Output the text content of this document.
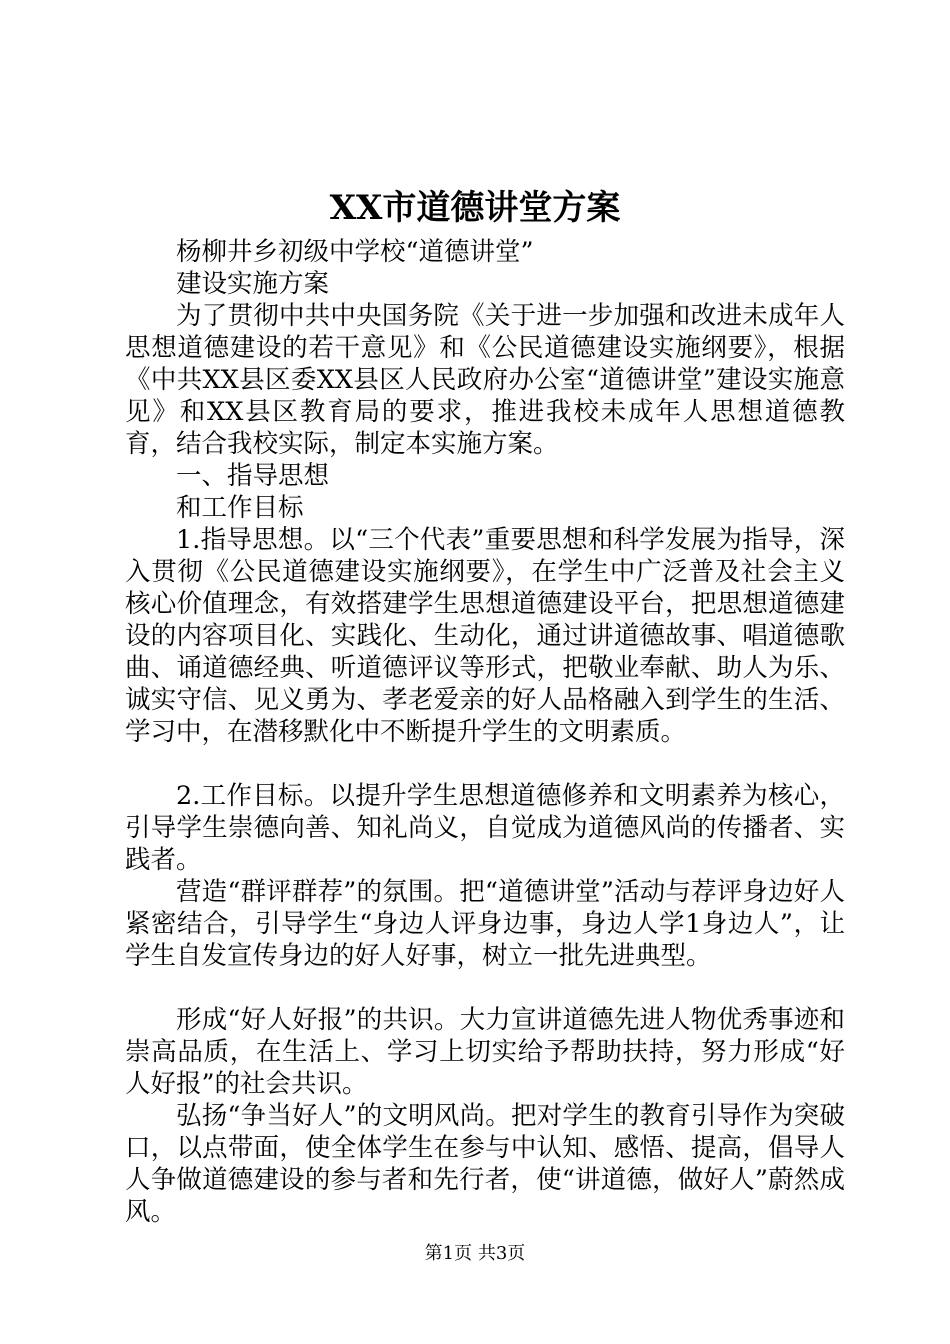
XX市道德讲堂方案

杨柳井乡初级中学校“道德讲堂”

建设实施方案

为了贯彻中共中央国务院《关于进一步加强和改进未成年人思想道德建设的若干意见》和《公民道德建设实施纲要》，根据《中共XX县区委XX县区人民政府办公室“道德讲堂”建设实施意见》和XX县区教育局的要求，推进我校未成年人思想道德教育，结合我校实际，制定本实施方案。

一、指导思想

和工作目标

1.指导思想。以“三个代表”重要思想和科学发展为指导，深入贯彻《公民道德建设实施纲要》，在学生中广泛普及社会主义核心价值理念，有效搭建学生思想道德建设平台，把思想道德建设的内容项目化、实践化、生动化，通过讲道德故事、唱道德歌曲、诵道德经典、听道德评议等形式，把敬业奉献、助人为乐、诚实守信、见义勇为、孝老爱亲的好人品格融入到学生的生活、学习中，在潜移默化中不断提升学生的文明素质。

2.工作目标。以提升学生思想道德修养和文明素养为核心，引导学生崇德向善、知礼尚义，自觉成为道德风尚的传播者、实践者。

营造“群评群荐”的氛围。把“道德讲堂”活动与荐评身边好人紧密结合，引导学生“身边人评身边事，身边人学1身边人”，让学生自发宣传身边的好人好事，树立一批先进典型。

形成“好人好报”的共识。大力宣讲道德先进人物优秀事迹和崇高品质，在生活上、学习上切实给予帮助扶持，努力形成“好人好报”的社会共识。

弘扬“争当好人”的文明风尚。把对学生的教育引导作为突破口，以点带面，使全体学生在参与中认知、感悟、提高，倡导人人争做道德建设的参与者和先行者，使“讲道德，做好人”蔚然成风。

第1页 共3页
